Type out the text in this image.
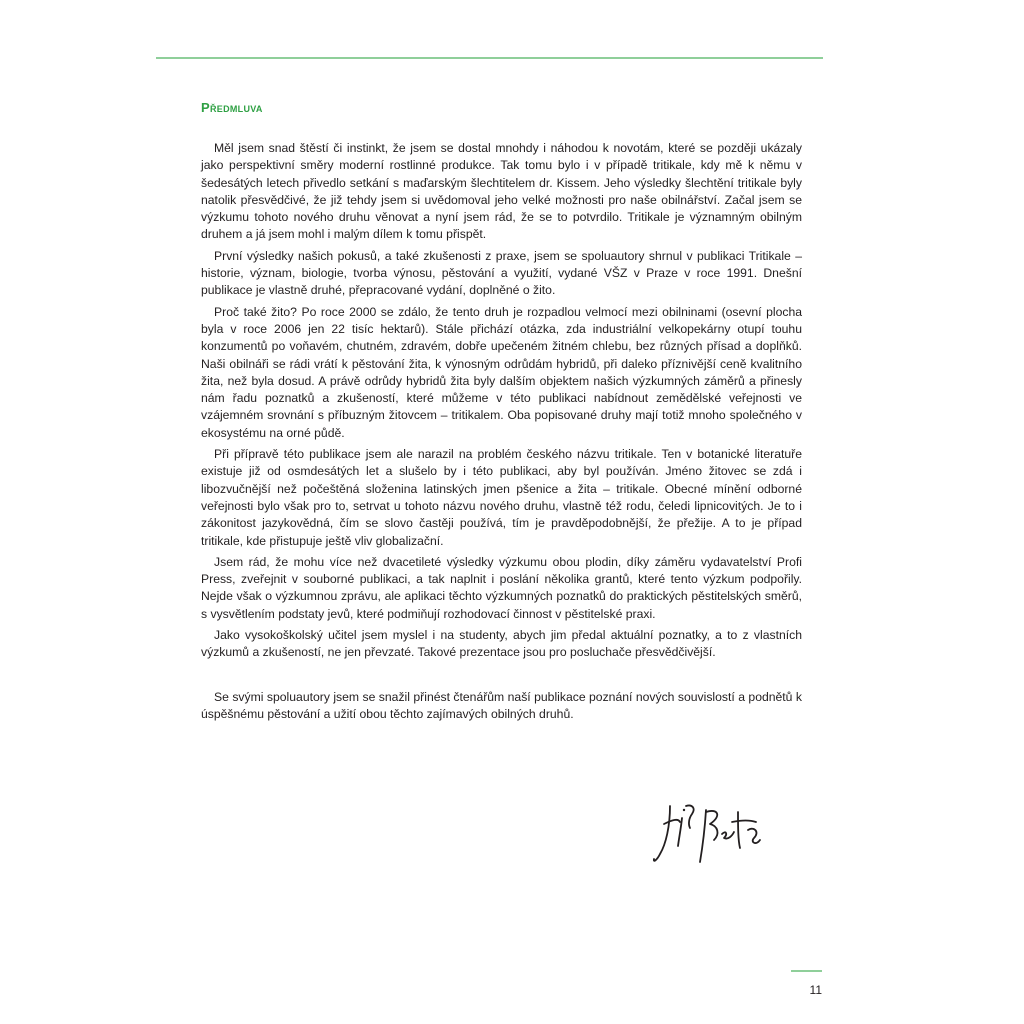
Předmluva

Měl jsem snad štěstí či instinkt, že jsem se dostal mnohdy i náhodou k novotám, které se později ukázaly jako perspektivní směry moderní rostlinné produkce. Tak tomu bylo i v případě tritikale, kdy mě k němu v šedesátých letech přivedlo setkání s maďarským šlechtitelem dr. Kissem. Jeho výsledky šlechtění tritikale byly natolik přesvědčivé, že již tehdy jsem si uvědomoval jeho velké možnosti pro naše obilnářství. Začal jsem se výzkumu tohoto nového druhu věnovat a nyní jsem rád, že se to potvrdilo. Tritikale je významným obilným druhem a já jsem mohl i malým dílem k tomu přispět.

První výsledky našich pokusů, a také zkušenosti z praxe, jsem se spoluautory shrnul v publikaci Tritikale – historie, význam, biologie, tvorba výnosu, pěstování a využití, vydané VŠZ v Praze v roce 1991. Dnešní publikace je vlastně druhé, přepracované vydání, doplněné o žito.

Proč také žito? Po roce 2000 se zdálo, že tento druh je rozpadlou velmocí mezi obilninami (osevní plocha byla v roce 2006 jen 22 tisíc hektarů). Stále přichází otázka, zda industriální velkopekárny otupí touhu konzumentů po voňavém, chutném, zdravém, dobře upečeném žitném chlebu, bez různých přísad a doplňků. Naši obilnáři se rádi vrátí k pěstování žita, k výnosným odrůdám hybridů, při daleko příznivější ceně kvalitního žita, než byla dosud. A právě odrůdy hybridů žita byly dalším objektem našich výzkumných záměrů a přinesly nám řadu poznatků a zkušeností, které můžeme v této publikaci nabídnout zemědělské veřejnosti ve vzájemném srovnání s příbuzným žitovcem – tritikalem. Oba popisované druhy mají totiž mnoho společného v ekosystému na orné půdě.

Při přípravě této publikace jsem ale narazil na problém českého názvu tritikale. Ten v botanické literatuře existuje již od osmdesátých let a slušelo by i této publikaci, aby byl používán. Jméno žitovec se zdá i libozvučnější než počeštěná složenina latinských jmen pšenice a žita – tritikale. Obecné mínění odborné veřejnosti bylo však pro to, setrvat u tohoto názvu nového druhu, vlastně též rodu, čeledi lipnicovitých. Je to i zákonitost jazykovědná, čím se slovo častěji používá, tím je pravděpodobnější, že přežije. A to je případ tritikale, kde přistupuje ještě vliv globalizační.

Jsem rád, že mohu více než dvacetileté výsledky výzkumu obou plodin, díky záměru vydavatelství Profi Press, zveřejnit v souborné publikaci, a tak naplnit i poslání několika grantů, které tento výzkum podpořily. Nejde však o výzkumnou zprávu, ale aplikaci těchto výzkumných poznatků do praktických pěstitelských směrů, s vysvětlením podstaty jevů, které podmiňují rozhodovací činnost v pěstitelské praxi.

Jako vysokoškolský učitel jsem myslel i na studenty, abych jim předal aktuální poznatky, a to z vlastních výzkumů a zkušeností, ne jen převzaté. Takové prezentace jsou pro posluchače přesvědčivější.

Se svými spoluautory jsem se snažil přinést čtenářům naší publikace poznání nových souvislostí a podnětů k úspěšnému pěstování a užití obou těchto zajímavých obilných druhů.

11
